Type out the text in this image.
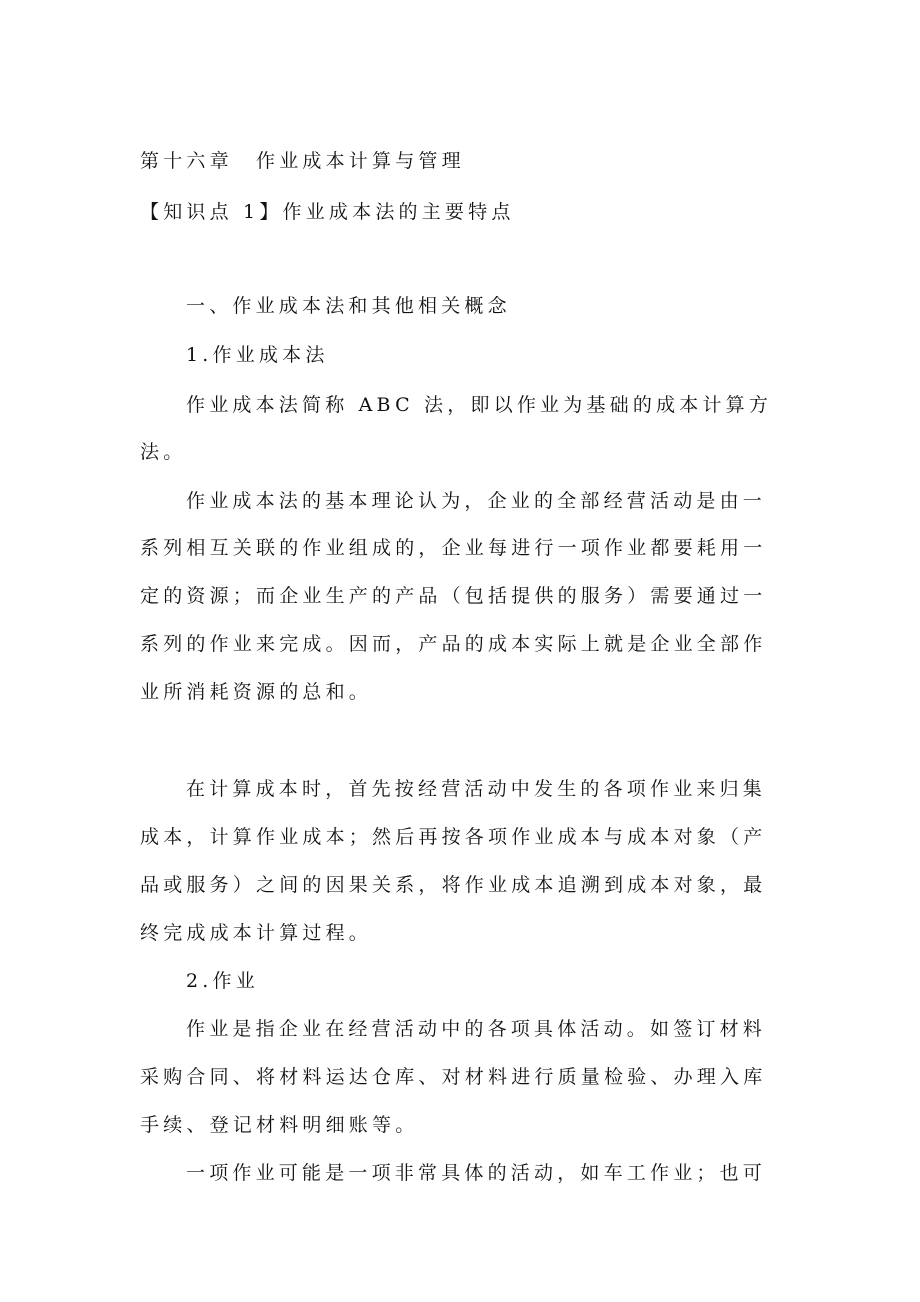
第十六章　作业成本计算与管理
【知识点 1】作业成本法的主要特点
一、作业成本法和其他相关概念
1.作业成本法
作业成本法简称 ABC 法，即以作业为基础的成本计算方
法。
作业成本法的基本理论认为，企业的全部经营活动是由一
系列相互关联的作业组成的，企业每进行一项作业都要耗用一
定的资源；而企业生产的产品（包括提供的服务）需要通过一
系列的作业来完成。因而，产品的成本实际上就是企业全部作
业所消耗资源的总和。
在计算成本时，首先按经营活动中发生的各项作业来归集
成本，计算作业成本；然后再按各项作业成本与成本对象（产
品或服务）之间的因果关系，将作业成本追溯到成本对象，最
终完成成本计算过程。
2.作业
作业是指企业在经营活动中的各项具体活动。如签订材料
采购合同、将材料运达仓库、对材料进行质量检验、办理入库
手续、登记材料明细账等。
一项作业可能是一项非常具体的活动，如车工作业；也可
